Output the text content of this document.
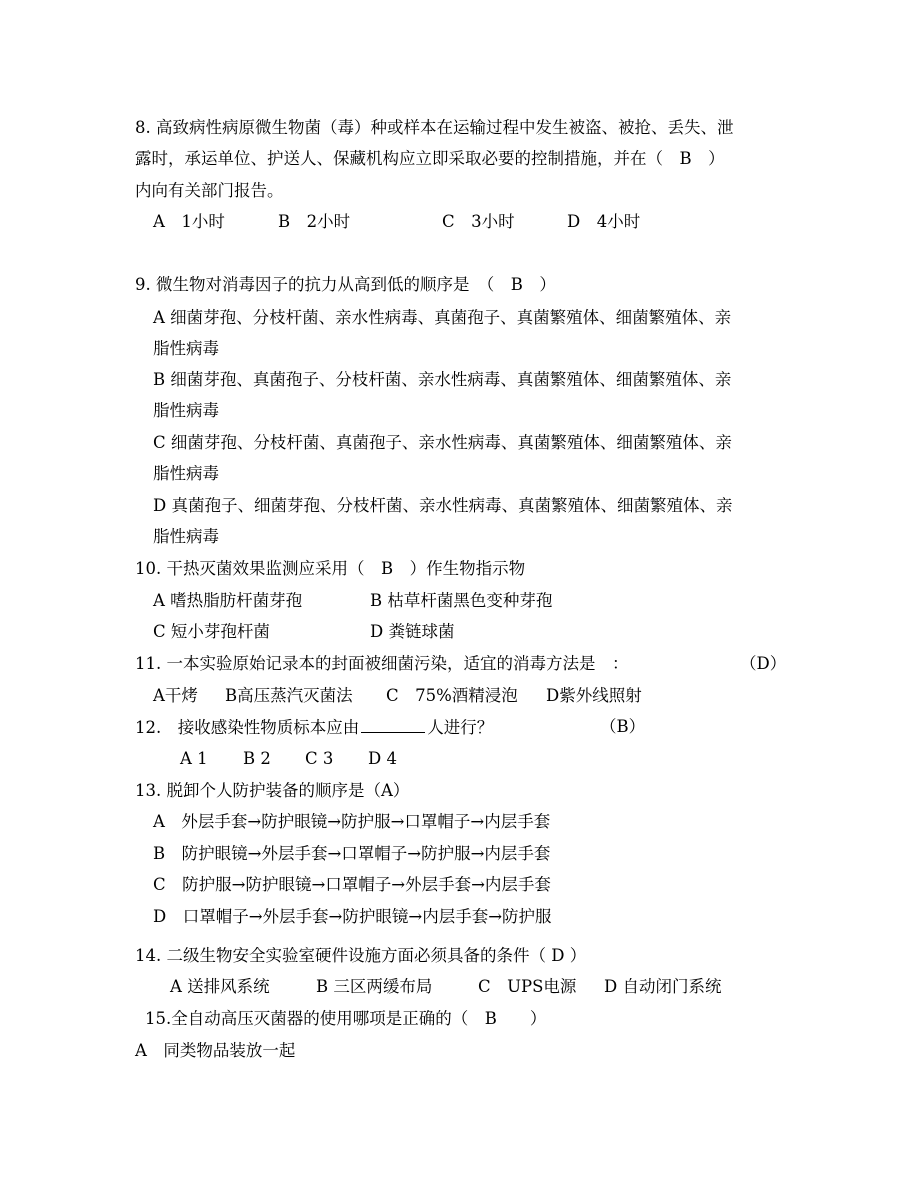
8. 高致病性病原微生物菌（毒）种或样本在运输过程中发生被盗、被抢、丢失、泄
露时，承运单位、护送人、保藏机构应立即采取必要的控制措施，并在（　B　）
内向有关部门报告。
A　1小时	B　2小时	C　3小时	D　4小时
9. 微生物对消毒因子的抗力从高到低的顺序是　（　B　）
A 细菌芽孢、分枝杆菌、亲水性病毒、真菌孢子、真菌繁殖体、细菌繁殖体、亲
脂性病毒
B 细菌芽孢、真菌孢子、分枝杆菌、亲水性病毒、真菌繁殖体、细菌繁殖体、亲
脂性病毒
C 细菌芽孢、分枝杆菌、真菌孢子、亲水性病毒、真菌繁殖体、细菌繁殖体、亲
脂性病毒
D 真菌孢子、细菌芽孢、分枝杆菌、亲水性病毒、真菌繁殖体、细菌繁殖体、亲
脂性病毒
10. 干热灭菌效果监测应采用（　B　）作生物指示物
A 嗜热脂肪杆菌芽孢	B 枯草杆菌黑色变种芽孢
C 短小芽孢杆菌	D 粪链球菌
11. 一本实验原始记录本的封面被细菌污染，适宜的消毒方法是　：	（D）
A干烤 B高压蒸汽灭菌法 C　75%酒精浸泡 D紫外线照射
12.　接收感染性物质标本应由	人进行？	（B）
A 1 B 2 C 3 D 4
13. 脱卸个人防护装备的顺序是（A）
A　外层手套→防护眼镜→防护服→口罩帽子→内层手套
B　防护眼镜→外层手套→口罩帽子→防护服→内层手套
C　防护服→防护眼镜→口罩帽子→外层手套→内层手套
D　口罩帽子→外层手套→防护眼镜→内层手套→防护服
14. 二级生物安全实验室硬件设施方面必须具备的条件（ D ）
A 送排风系统	B 三区两缓布局	C　UPS电源 D 自动闭门系统
15.全自动高压灭菌器的使用哪项是正确的（　B　　）
A　同类物品装放一起
